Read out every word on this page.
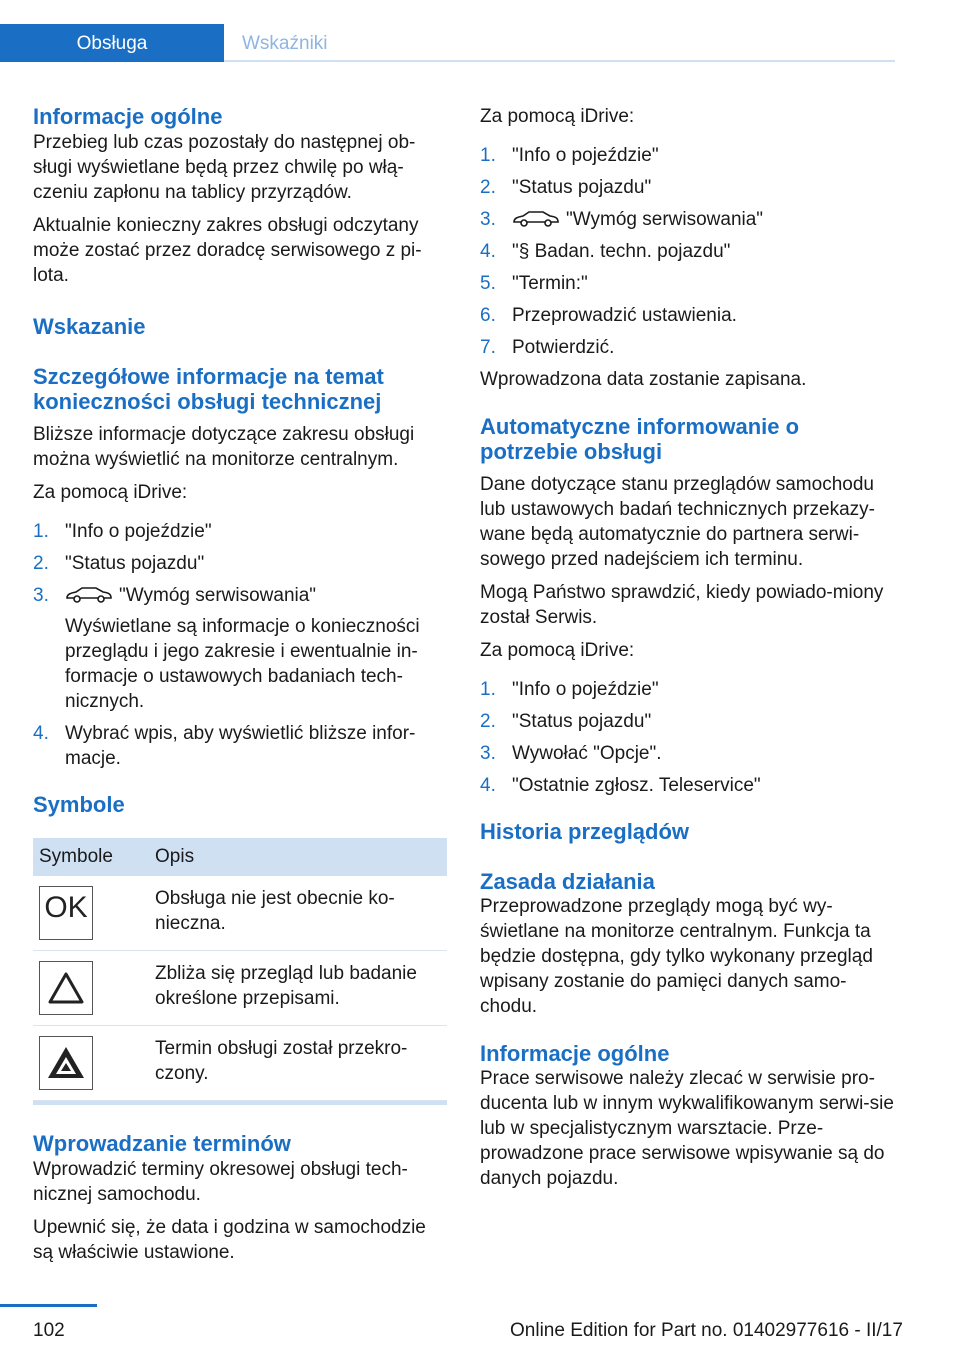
Obsługa	Wskaźniki
Informacje ogólne

Przebieg lub czas pozostały do następnej ob-sługi wyświetlane będą przez chwilę po włą-czeniu zapłonu na tablicy przyrządów.

Aktualnie konieczny zakres obsługi odczytany może zostać przez doradcę serwisowego z pi-lota.

Wskazanie
Szczegółowe informacje na temat konieczności obsługi technicznej

Bliższe informacje dotyczące zakresu obsługi można wyświetlić na monitorze centralnym.

Za pomocą iDrive:

1. "Info o pojeździe"
2. "Status pojazdu"
3.	"Wymóg serwisowania"
Wyświetlane są informacje o konieczności przeglądu i jego zakresie i ewentualnie in-formacje o ustawowych badaniach tech-nicznych.
4. Wybrać wpis, aby wyświetlić bliższe infor-macje.
Symbole
Symbole	Opis

OK	Obsługa nie jest obecnie ko-nieczna.

	Zbliża się przegląd lub badanie określone przepisami.

	Termin obsługi został przekro-czony.
Wprowadzanie terminów

Wprowadzić terminy okresowej obsługi tech-nicznej samochodu.

Upewnić się, że data i godzina w samochodzie są właściwie ustawione.

Za pomocą iDrive:

1. "Info o pojeździe"
2. "Status pojazdu"
3.	"Wymóg serwisowania"
4. "§ Badan. techn. pojazdu"
5. "Termin:"
6. Przeprowadzić ustawienia.
7. Potwierdzić.

Wprowadzona data zostanie zapisana.

Automatyczne informowanie o potrzebie obsługi

Dane dotyczące stanu przeglądów samochodu lub ustawowych badań technicznych przekazy-wane będą automatycznie do partnera serwi-sowego przed nadejściem ich terminu.

Mogą Państwo sprawdzić, kiedy powiado-miony został Serwis.

Za pomocą iDrive:

1. "Info o pojeździe"
2. "Status pojazdu"
3. Wywołać "Opcje".
4. "Ostatnie zgłosz. Teleservice"
Historia przeglądów
Zasada działania

Przeprowadzone przeglądy mogą być wy-świetlane na monitorze centralnym. Funkcja ta będzie dostępna, gdy tylko wykonany przegląd wpisany zostanie do pamięci danych samo-chodu.

Informacje ogólne

Prace serwisowe należy zlecać w serwisie pro-ducenta lub w innym wykwalifikowanym serwi-sie lub w specjalistycznym warsztacie. Prze-prowadzone prace serwisowe wpisywanie są do danych pojazdu.

102	Online Edition for Part no. 01402977616 - II/17
